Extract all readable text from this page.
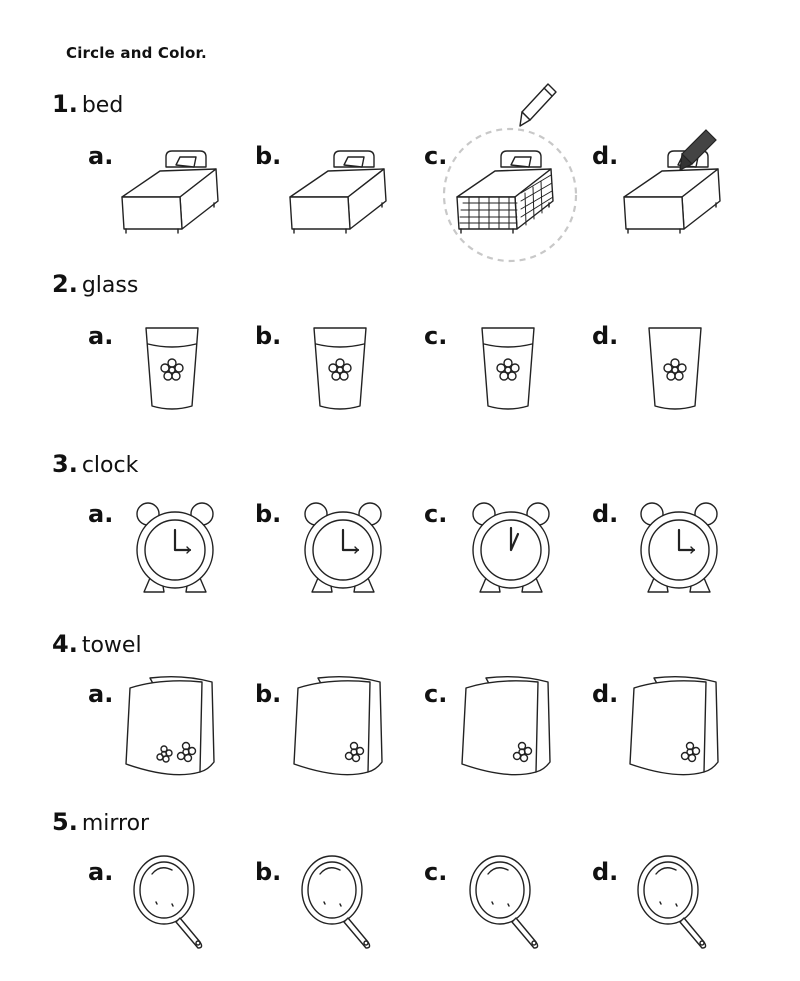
Circle and Color.
1. bed
a.	b.	c.	d.
2. glass
a.	b.	c.	d.
3. clock
a.	b.	c.	d.
4. towel
a.	b.	c.	d.
5. mirror
a.	b.	c.	d.
